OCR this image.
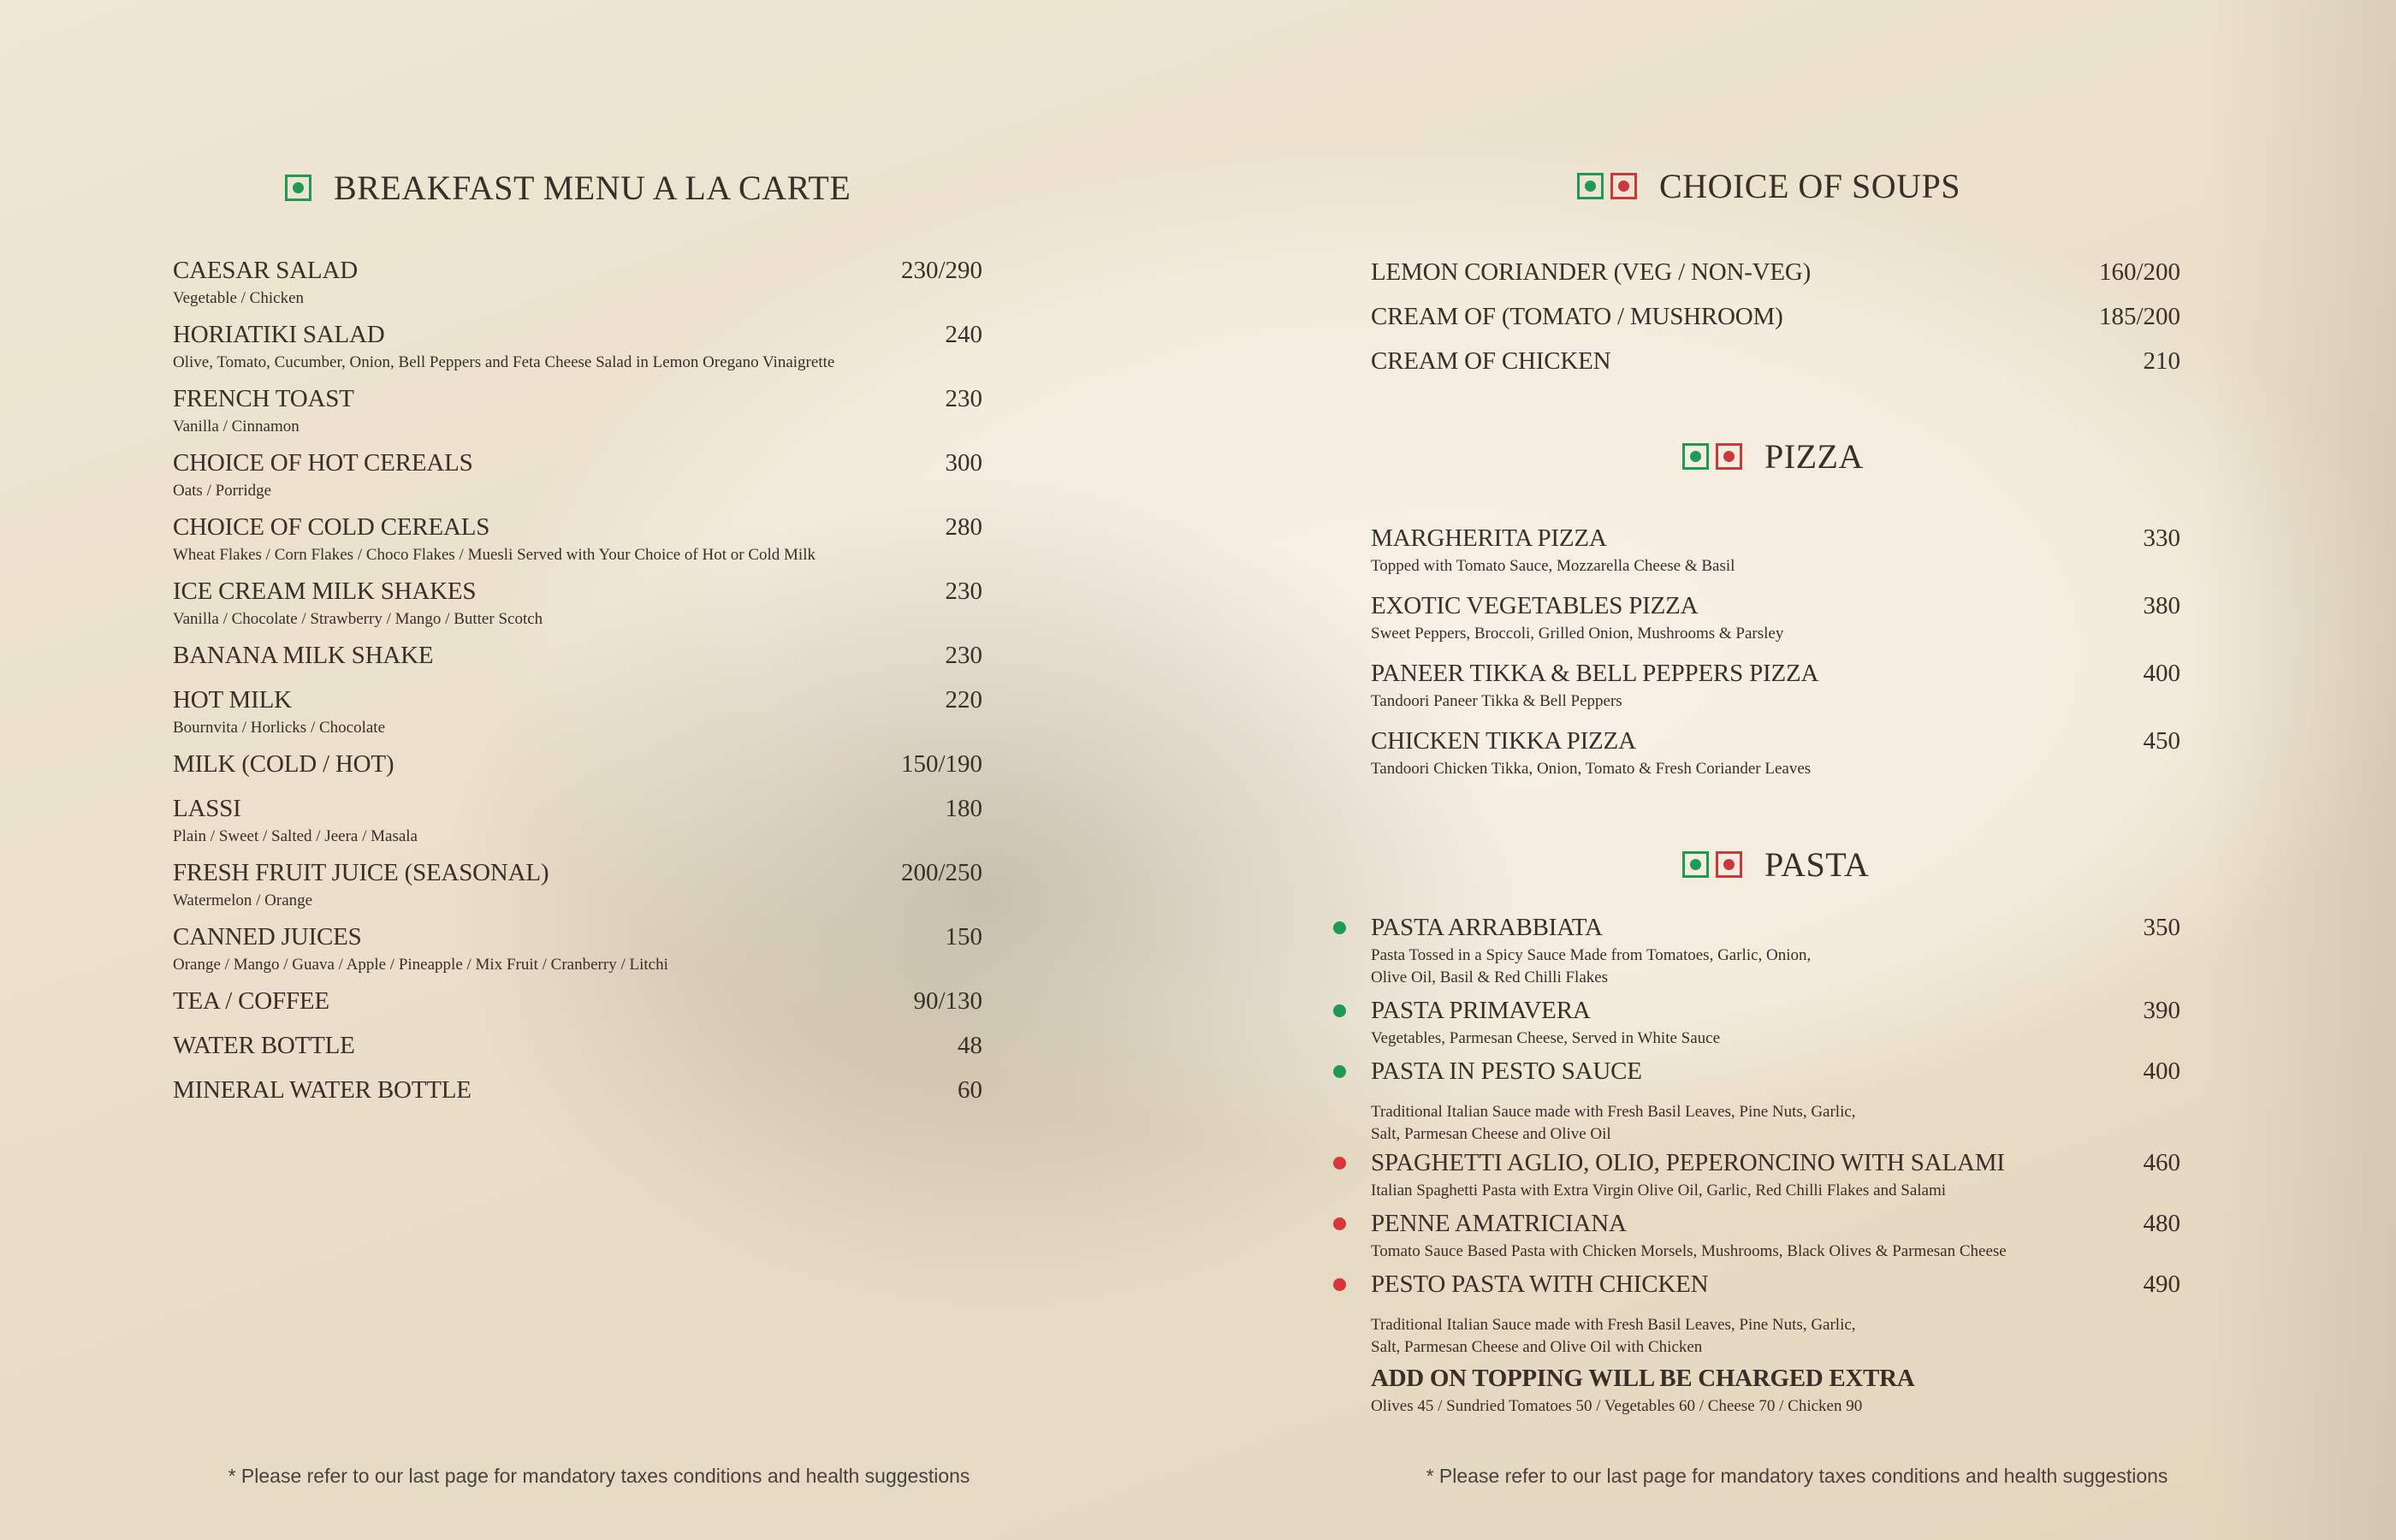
BREAKFAST MENU A LA CARTE
CAESAR SALAD	230/290
Vegetable / Chicken
HORIATIKI SALAD	240
Olive, Tomato, Cucumber, Onion, Bell Peppers and Feta Cheese Salad in Lemon Oregano Vinaigrette
FRENCH TOAST	230
Vanilla / Cinnamon
CHOICE OF HOT CEREALS	300
Oats / Porridge
CHOICE OF COLD CEREALS	280
Wheat Flakes / Corn Flakes / Choco Flakes / Muesli Served with Your Choice of Hot or Cold Milk
ICE CREAM MILK SHAKES	230
Vanilla / Chocolate / Strawberry / Mango / Butter Scotch
BANANA MILK SHAKE	230
HOT MILK	220
Bournvita / Horlicks / Chocolate
MILK (COLD / HOT)	150/190
LASSI	180
Plain / Sweet / Salted / Jeera / Masala
FRESH FRUIT JUICE (SEASONAL)	200/250
Watermelon / Orange
CANNED JUICES	150
Orange / Mango / Guava / Apple / Pineapple / Mix Fruit / Cranberry / Litchi
TEA / COFFEE	90/130
WATER BOTTLE	48
MINERAL WATER BOTTLE	60
CHOICE OF SOUPS
LEMON CORIANDER (VEG / NON-VEG)	160/200
CREAM OF (TOMATO / MUSHROOM)	185/200
CREAM OF CHICKEN	210
PIZZA
MARGHERITA PIZZA	330
Topped with Tomato Sauce, Mozzarella Cheese & Basil
EXOTIC VEGETABLES PIZZA	380
Sweet Peppers, Broccoli, Grilled Onion, Mushrooms & Parsley
PANEER TIKKA & BELL PEPPERS PIZZA	400
Tandoori Paneer Tikka & Bell Peppers
CHICKEN TIKKA PIZZA	450
Tandoori Chicken Tikka, Onion, Tomato & Fresh Coriander Leaves
PASTA
PASTA ARRABBIATA	350
Pasta Tossed in a Spicy Sauce Made from Tomatoes, Garlic, Onion,
Olive Oil, Basil & Red Chilli Flakes
PASTA PRIMAVERA	390
Vegetables, Parmesan Cheese, Served in White Sauce
PASTA IN PESTO SAUCE	400
Traditional Italian Sauce made with Fresh Basil Leaves, Pine Nuts, Garlic,
Salt, Parmesan Cheese and Olive Oil
SPAGHETTI AGLIO, OLIO, PEPERONCINO WITH SALAMI	460
Italian Spaghetti Pasta with Extra Virgin Olive Oil, Garlic, Red Chilli Flakes and Salami
PENNE AMATRICIANA	480
Tomato Sauce Based Pasta with Chicken Morsels, Mushrooms, Black Olives & Parmesan Cheese
PESTO PASTA WITH CHICKEN	490
Traditional Italian Sauce made with Fresh Basil Leaves, Pine Nuts, Garlic,
Salt, Parmesan Cheese and Olive Oil with Chicken
ADD ON TOPPING WILL BE CHARGED EXTRA
Olives 45 / Sundried Tomatoes 50 / Vegetables 60 / Cheese 70 / Chicken 90
* Please refer to our last page for mandatory taxes conditions and health suggestions	* Please refer to our last page for mandatory taxes conditions and health suggestions
